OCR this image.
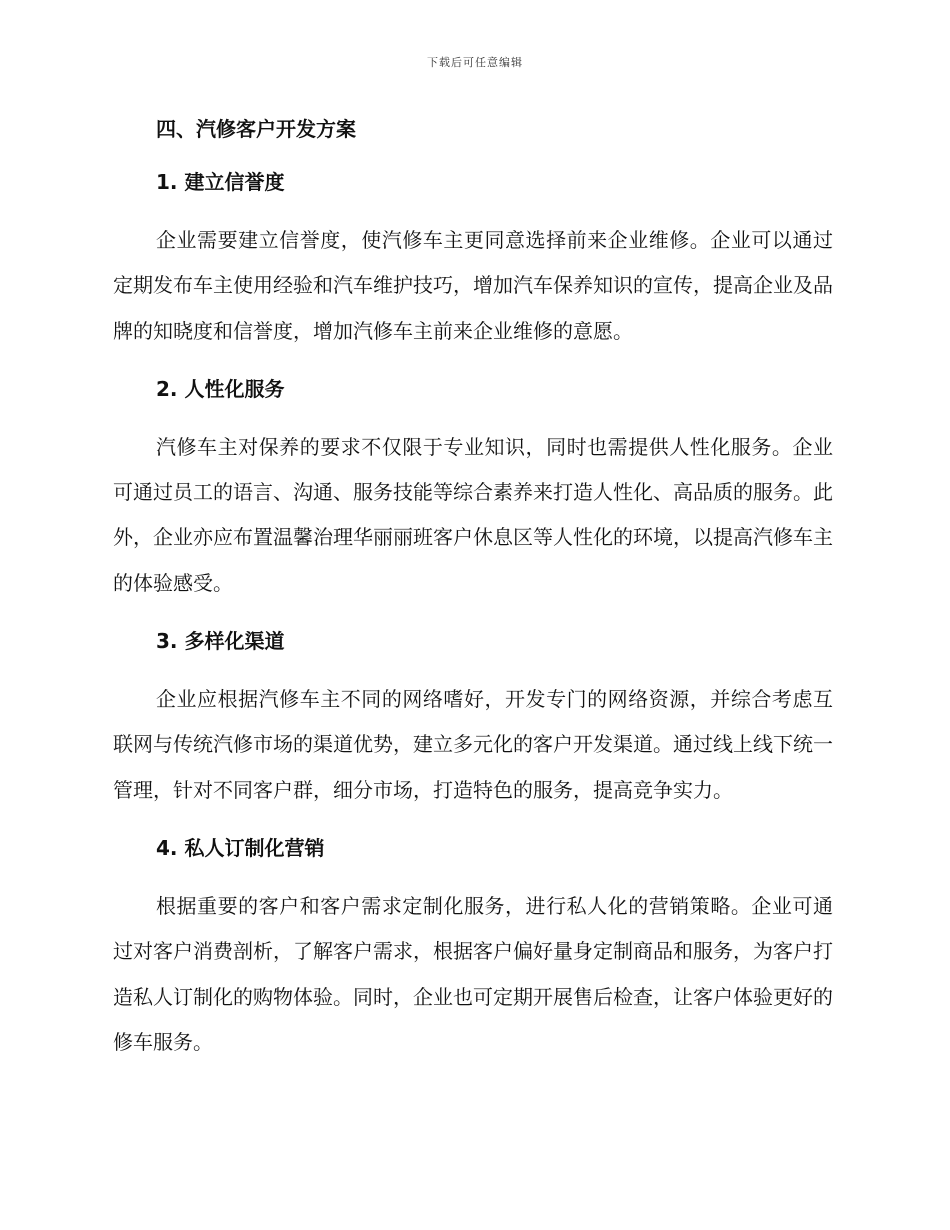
下载后可任意编辑
四、汽修客户开发方案
1. 建立信誉度

企业需要建立信誉度，使汽修车主更同意选择前来企业维修。企业可以通过定期发布车主使用经验和汽车维护技巧，增加汽车保养知识的宣传，提高企业及品牌的知晓度和信誉度，增加汽修车主前来企业维修的意愿。

2. 人性化服务

汽修车主对保养的要求不仅限于专业知识，同时也需提供人性化服务。企业可通过员工的语言、沟通、服务技能等综合素养来打造人性化、高品质的服务。此外，企业亦应布置温馨治理华丽丽班客户休息区等人性化的环境，以提高汽修车主的体验感受。

3. 多样化渠道

企业应根据汽修车主不同的网络嗜好，开发专门的网络资源，并综合考虑互联网与传统汽修市场的渠道优势，建立多元化的客户开发渠道。通过线上线下统一管理，针对不同客户群，细分市场，打造特色的服务，提高竞争实力。

4. 私人订制化营销

根据重要的客户和客户需求定制化服务，进行私人化的营销策略。企业可通过对客户消费剖析，了解客户需求，根据客户偏好量身定制商品和服务，为客户打造私人订制化的购物体验。同时，企业也可定期开展售后检查，让客户体验更好的修车服务。
